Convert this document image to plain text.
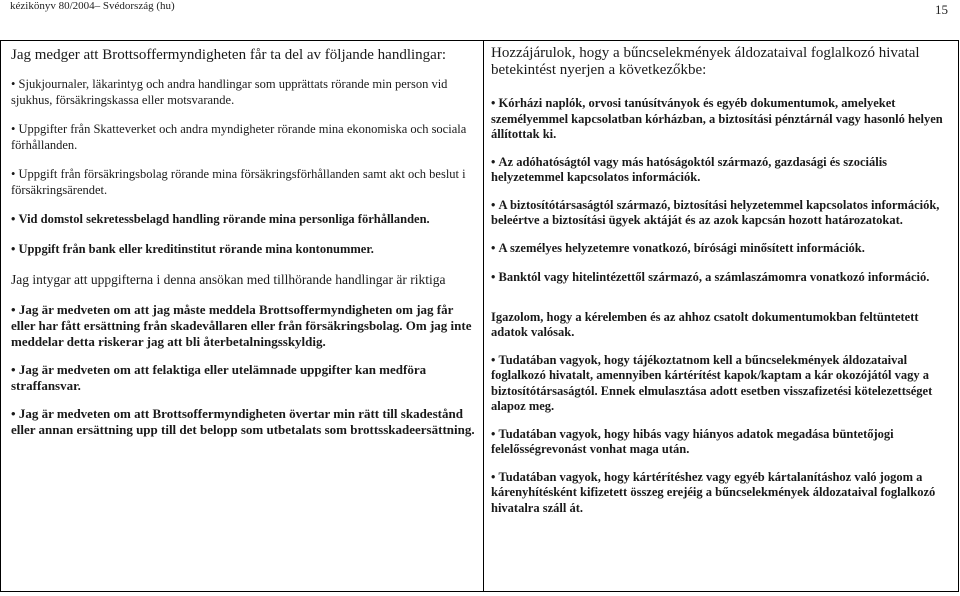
kézikönyv 80/2004– Svédország (hu)	15

Jag medger att Brottsoffermyndigheten får ta del av följande handlingar:

• Sjukjournaler, läkarintyg och andra handlingar som upprättats rörande min person vid sjukhus, försäkringskassa eller motsvarande.

• Uppgifter från Skatteverket och andra myndigheter rörande mina ekonomiska och sociala förhållanden.

• Uppgift från försäkringsbolag rörande mina försäkringsförhållanden samt akt och beslut i försäkringsärendet.

• Vid domstol sekretessbelagd handling rörande mina personliga förhållanden.

• Uppgift från bank eller kreditinstitut rörande mina kontonummer.

Jag intygar att uppgifterna i denna ansökan med tillhörande handlingar är riktiga

• Jag är medveten om att jag måste meddela Brottsoffermyndigheten om jag får eller har fått ersättning från skadevållaren eller från försäkringsbolag. Om jag inte meddelar detta riskerar jag att bli återbetalningsskyldig.

• Jag är medveten om att felaktiga eller utelämnade uppgifter kan medföra straffansvar.

• Jag är medveten om att Brottsoffermyndigheten övertar min rätt till skadestånd eller annan ersättning upp till det belopp som utbetalats som brottsskadeersättning.

Hozzájárulok, hogy a bűncselekmények áldozataival foglalkozó hivatal betekintést nyerjen a következőkbe:

• Kórházi naplók, orvosi tanúsítványok és egyéb dokumentumok, amelyeket személyemmel kapcsolatban kórházban, a biztosítási pénztárnál vagy hasonló helyen állítottak ki.

• Az adóhatóságtól vagy más hatóságoktól származó, gazdasági és szociális helyzetemmel kapcsolatos információk.

• A biztosítótársaságtól származó, biztosítási helyzetemmel kapcsolatos információk, beleértve a biztosítási ügyek aktáját és az azok kapcsán hozott határozatokat.

• A személyes helyzetemre vonatkozó, bírósági minősített információk.

• Banktól vagy hitelintézettől származó, a számlaszámomra vonatkozó információ.

Igazolom, hogy a kérelemben és az ahhoz csatolt dokumentumokban feltüntetett adatok valósak.

• Tudatában vagyok, hogy tájékoztatnom kell a bűncselekmények áldozataival foglalkozó hivatalt, amennyiben kártérítést kapok/kaptam a kár okozójától vagy a biztosítótársaságtól. Ennek elmulasztása adott esetben visszafizetési kötelezettséget alapoz meg.

• Tudatában vagyok, hogy hibás vagy hiányos adatok megadása büntetőjogi felelősségrevonást vonhat maga után.

• Tudatában vagyok, hogy kártérítéshez vagy egyéb kártalanításhoz való jogom a kárenyhítésként kifizetett összeg erejéig a bűncselekmények áldozataival foglalkozó hivatalra száll át.
